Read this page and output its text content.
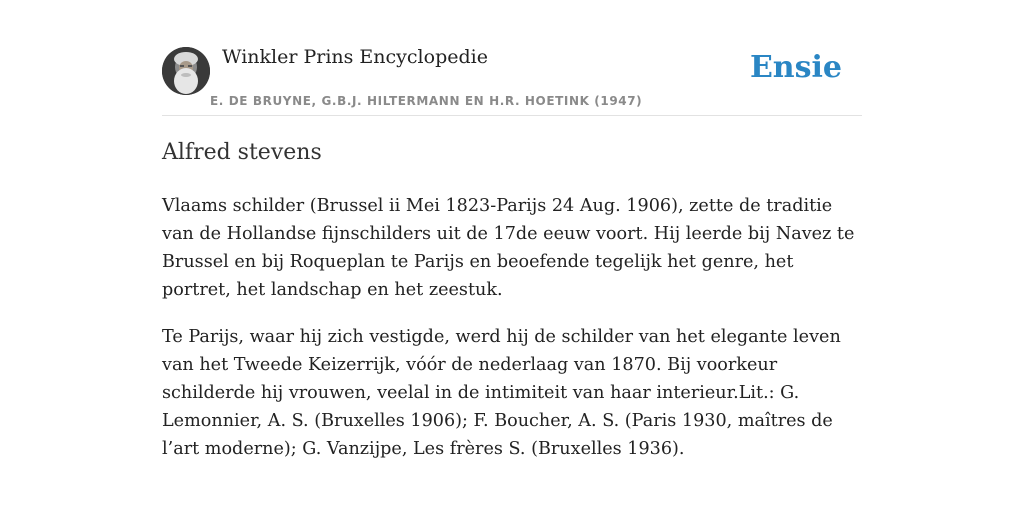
Winkler Prins Encyclopedie
E. DE BRUYNE, G.B.J. HILTERMANN EN H.R. HOETINK (1947)
Ensie
Alfred stevens

Vlaams schilder (Brussel ii Mei 1823-Parijs 24 Aug. 1906), zette de traditie van de Hollandse fijnschilders uit de 17de eeuw voort. Hij leerde bij Navez te Brussel en bij Roqueplan te Parijs en beoefende tegelijk het genre, het portret, het landschap en het zeestuk.

Te Parijs, waar hij zich vestigde, werd hij de schilder van het elegante leven van het Tweede Keizerrijk, vóór de nederlaag van 1870. Bij voorkeur schilderde hij vrouwen, veelal in de intimiteit van haar interieur.Lit.: G. Lemonnier, A. S. (Bruxelles 1906); F. Boucher, A. S. (Paris 1930, maîtres de l’art moderne); G. Vanzijpe, Les frères S. (Bruxelles 1936).
